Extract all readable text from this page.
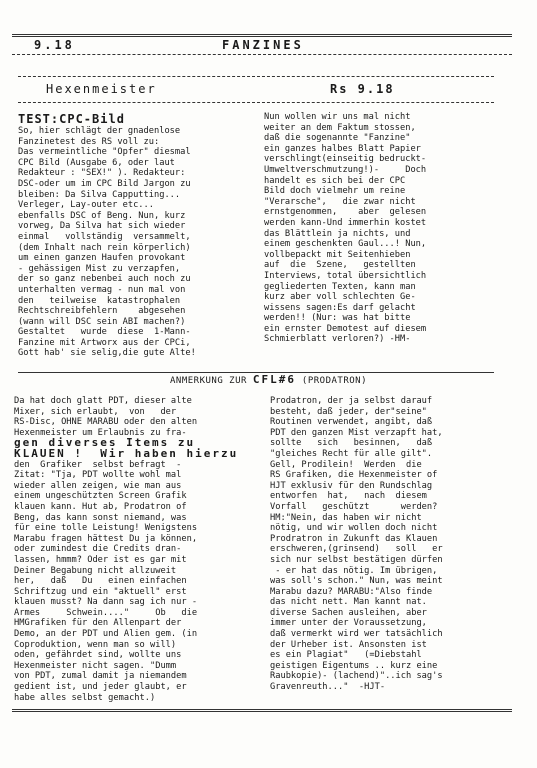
9.18	FANZINES
Hexenmeister	Rs 9.18
TEST:CPC-Bild
So, hier schlägt der gnadenlose
Fanzinetest des RS voll zu:
Das vermeintliche "Opfer" diesmal
CPC Bild (Ausgabe 6, oder laut
Redakteur : "SEX!" ). Redakteur:
DSC-oder um im CPC Bild Jargon zu
bleiben: Da Silva Capputting...
Verleger, Lay-outer etc...
ebenfalls DSC of Beng. Nun, kurz
vorweg, Da Silva hat sich wieder
einmal   vollständig  versammelt,
(dem Inhalt nach rein körperlich)
um einen ganzen Haufen provokant
- gehässigen Mist zu verzapfen,
der so ganz nebenbei auch noch zu
unterhalten vermag - nun mal von
den   teilweise  katastrophalen
Rechtschreibfehlern    abgesehen
(wann will DSC sein ABI machen?)
Gestaltet   wurde  diese  1-Mann-
Fanzine mit Artworx aus der CPCi,
Gott hab' sie selig,die gute Alte!
Nun wollen wir uns mal nicht
weiter an dem Faktum stossen,
daß die sogenannte "Fanzine"
ein ganzes halbes Blatt Papier
verschlingt(einseitig bedruckt-
Umweltverschmutzung!)-     Doch
handelt es sich bei der CPC
Bild doch vielmehr um reine
"Verarsche",   die zwar nicht
ernstgenommen,    aber  gelesen
werden kann-Und immerhin kostet
das Blättlein ja nichts, und
einem geschenkten Gaul...! Nun,
vollbepackt mit Seitenhieben
auf  die  Szene,   gestellten
Interviews, total übersichtlich
gegliederten Texten, kann man
kurz aber voll schlechten Ge-
wissens sagen:Es darf gelacht
werden!! (Nur: was hat bitte
ein ernster Demotest auf diesem
Schmierblatt verloren?) -HM-
ANMERKUNG ZUR CFL#6 (PRODATRON)
Da hat doch glatt PDT, dieser alte
Mixer, sich erlaubt,  von   der
RS-Disc, OHNE MARABU oder den alten
Hexenmeister um Erlaubnis zu fra-
gen diverses Items zu
KLAUEN !  Wir haben hierzu
den  Grafiker  selbst befragt  -
Zitat: "Tja, PDT wollte wohl mal
wieder allen zeigen, wie man aus
einem ungeschützten Screen Grafik
klauen kann. Hut ab, Prodatron of
Beng, das kann sonst niemand, was
für eine tolle Leistung! Wenigstens
Marabu fragen hättest Du ja können,
oder zumindest die Credits dran-
lassen, hmmm? Oder ist es gar mit
Deiner Begabung nicht allzuweit
her,   daß   Du   einen einfachen
Schriftzug und ein "aktuell" erst
klauen musst? Na dann sag ich nur -
Armes     Schwein...."     Ob   die
HMGrafiken für den Allenpart der
Demo, an der PDT und Alien gem. (in
Coproduktion, wenn man so will)
oden, gefährdet sind, wollte uns
Hexenmeister nicht sagen. "Dumm
von PDT, zumal damit ja niemandem
gedient ist, und jeder glaubt, er
habe alles selbst gemacht.)
Prodatron, der ja selbst darauf
besteht, daß jeder, der"seine"
Routinen verwendet, angibt, daß
PDT den ganzen Mist verzapft hat,
sollte   sich   besinnen,   daß
"gleiches Recht für alle gilt".
Gell, Prodilein!  Werden  die
RS Grafiken, die Hexenmeister of
HJT exklusiv für den Rundschlag
entworfen  hat,   nach  diesem
Vorfall   geschützt      werden?
HM:"Nein, das haben wir nicht
nötig, und wir wollen doch nicht
Prodratron in Zukunft das Klauen
erschweren,(grinsend)   soll   er
sich nur selbst bestätigen dürfen
- er hat das nötig. Im übrigen,
was soll's schon." Nun, was meint
Marabu dazu? MARABU:"Also finde
das nicht nett. Man kannt nat.
diverse Sachen ausleihen, aber
immer unter der Voraussetzung,
daß vermerkt wird wer tatsächlich
der Urheber ist. Ansonsten ist
es ein Plagiat"   (=Diebstahl
geistigen Eigentums .. kurz eine
Raubkopie)- (lachend)"..ich sag's
Gravenreuth..."  -HJT-
